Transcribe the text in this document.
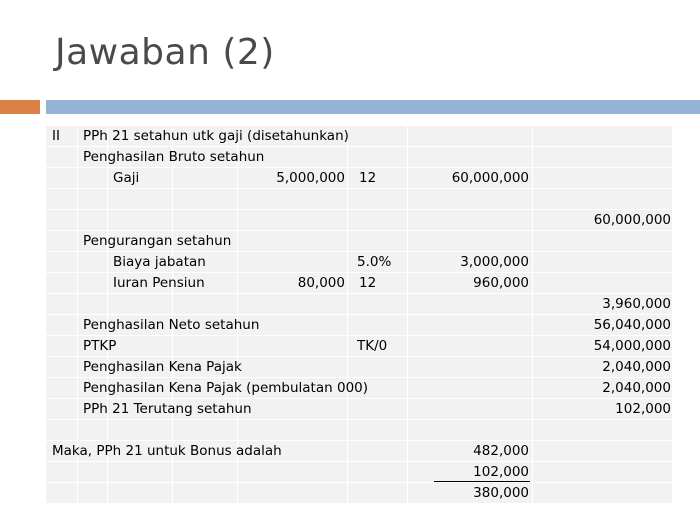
Jawaban (2)
II PPh 21 setahun utk gaji (disetahunkan)
Penghasilan Bruto setahun
Gaji	5,000,000 12	60,000,000
60,000,000
Pengurangan setahun
Biaya jabatan	5.0%	3,000,000
Iuran Pensiun	80,000 12	960,000
3,960,000
Penghasilan Neto setahun	56,040,000
PTKP	TK/0	54,000,000
Penghasilan Kena Pajak	2,040,000
Penghasilan Kena Pajak (pembulatan 000)	2,040,000
PPh 21 Terutang setahun	102,000
Maka, PPh 21 untuk Bonus adalah	482,000
102,000
380,000
